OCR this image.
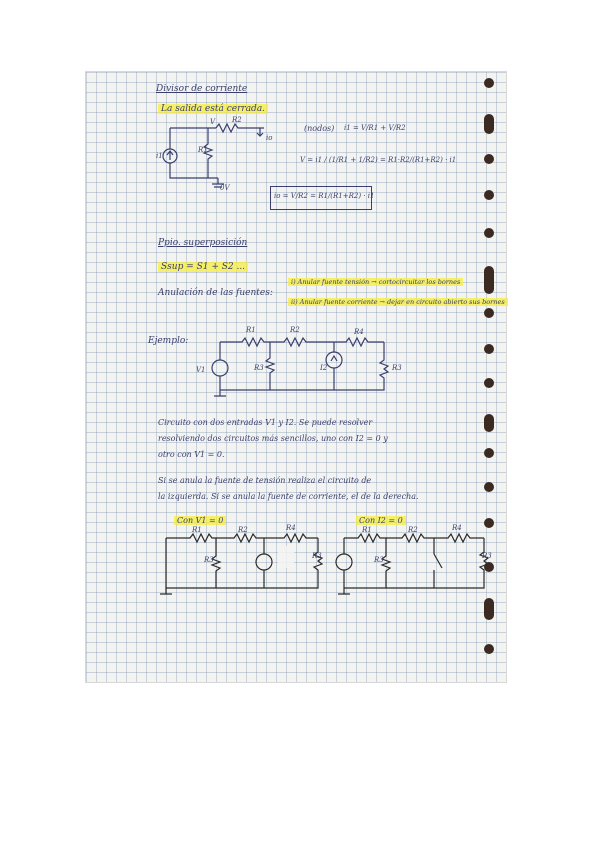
Divisor de corriente
La salida está cerrada.
V R2
io
i1
R1
0V
(nodos) i1 = V/R1 + V/R2
V = i1 / (1/R1 + 1/R2) = R1·R2/(R1+R2) · i1
io = V/R2 = R1/(R1+R2) · i1
Ppio. superposición
Ssup = S1 + S2 ...
Anulación de las fuentes:
i) Anular fuente tensión → cortocircuitar los bornes
ii) Anular fuente corriente → dejar en circuito abierto sus bornes
Ejemplo:
R1	R2	R4
V1	R3	I2	R3
Circuito con dos entradas V1 y I2. Se puede resolver
resolviendo dos circuitos más sencillos, uno con I2 = 0 y
otro con V1 = 0.
Si se anula la fuente de tensión realiza el circuito de
la izquierda. Si se anula la fuente de corriente, el de la derecha.
Con V1 = 0	Con I2 = 0
R1	R2	R4
R3	R3
R1	R2	R4
R3	R3
